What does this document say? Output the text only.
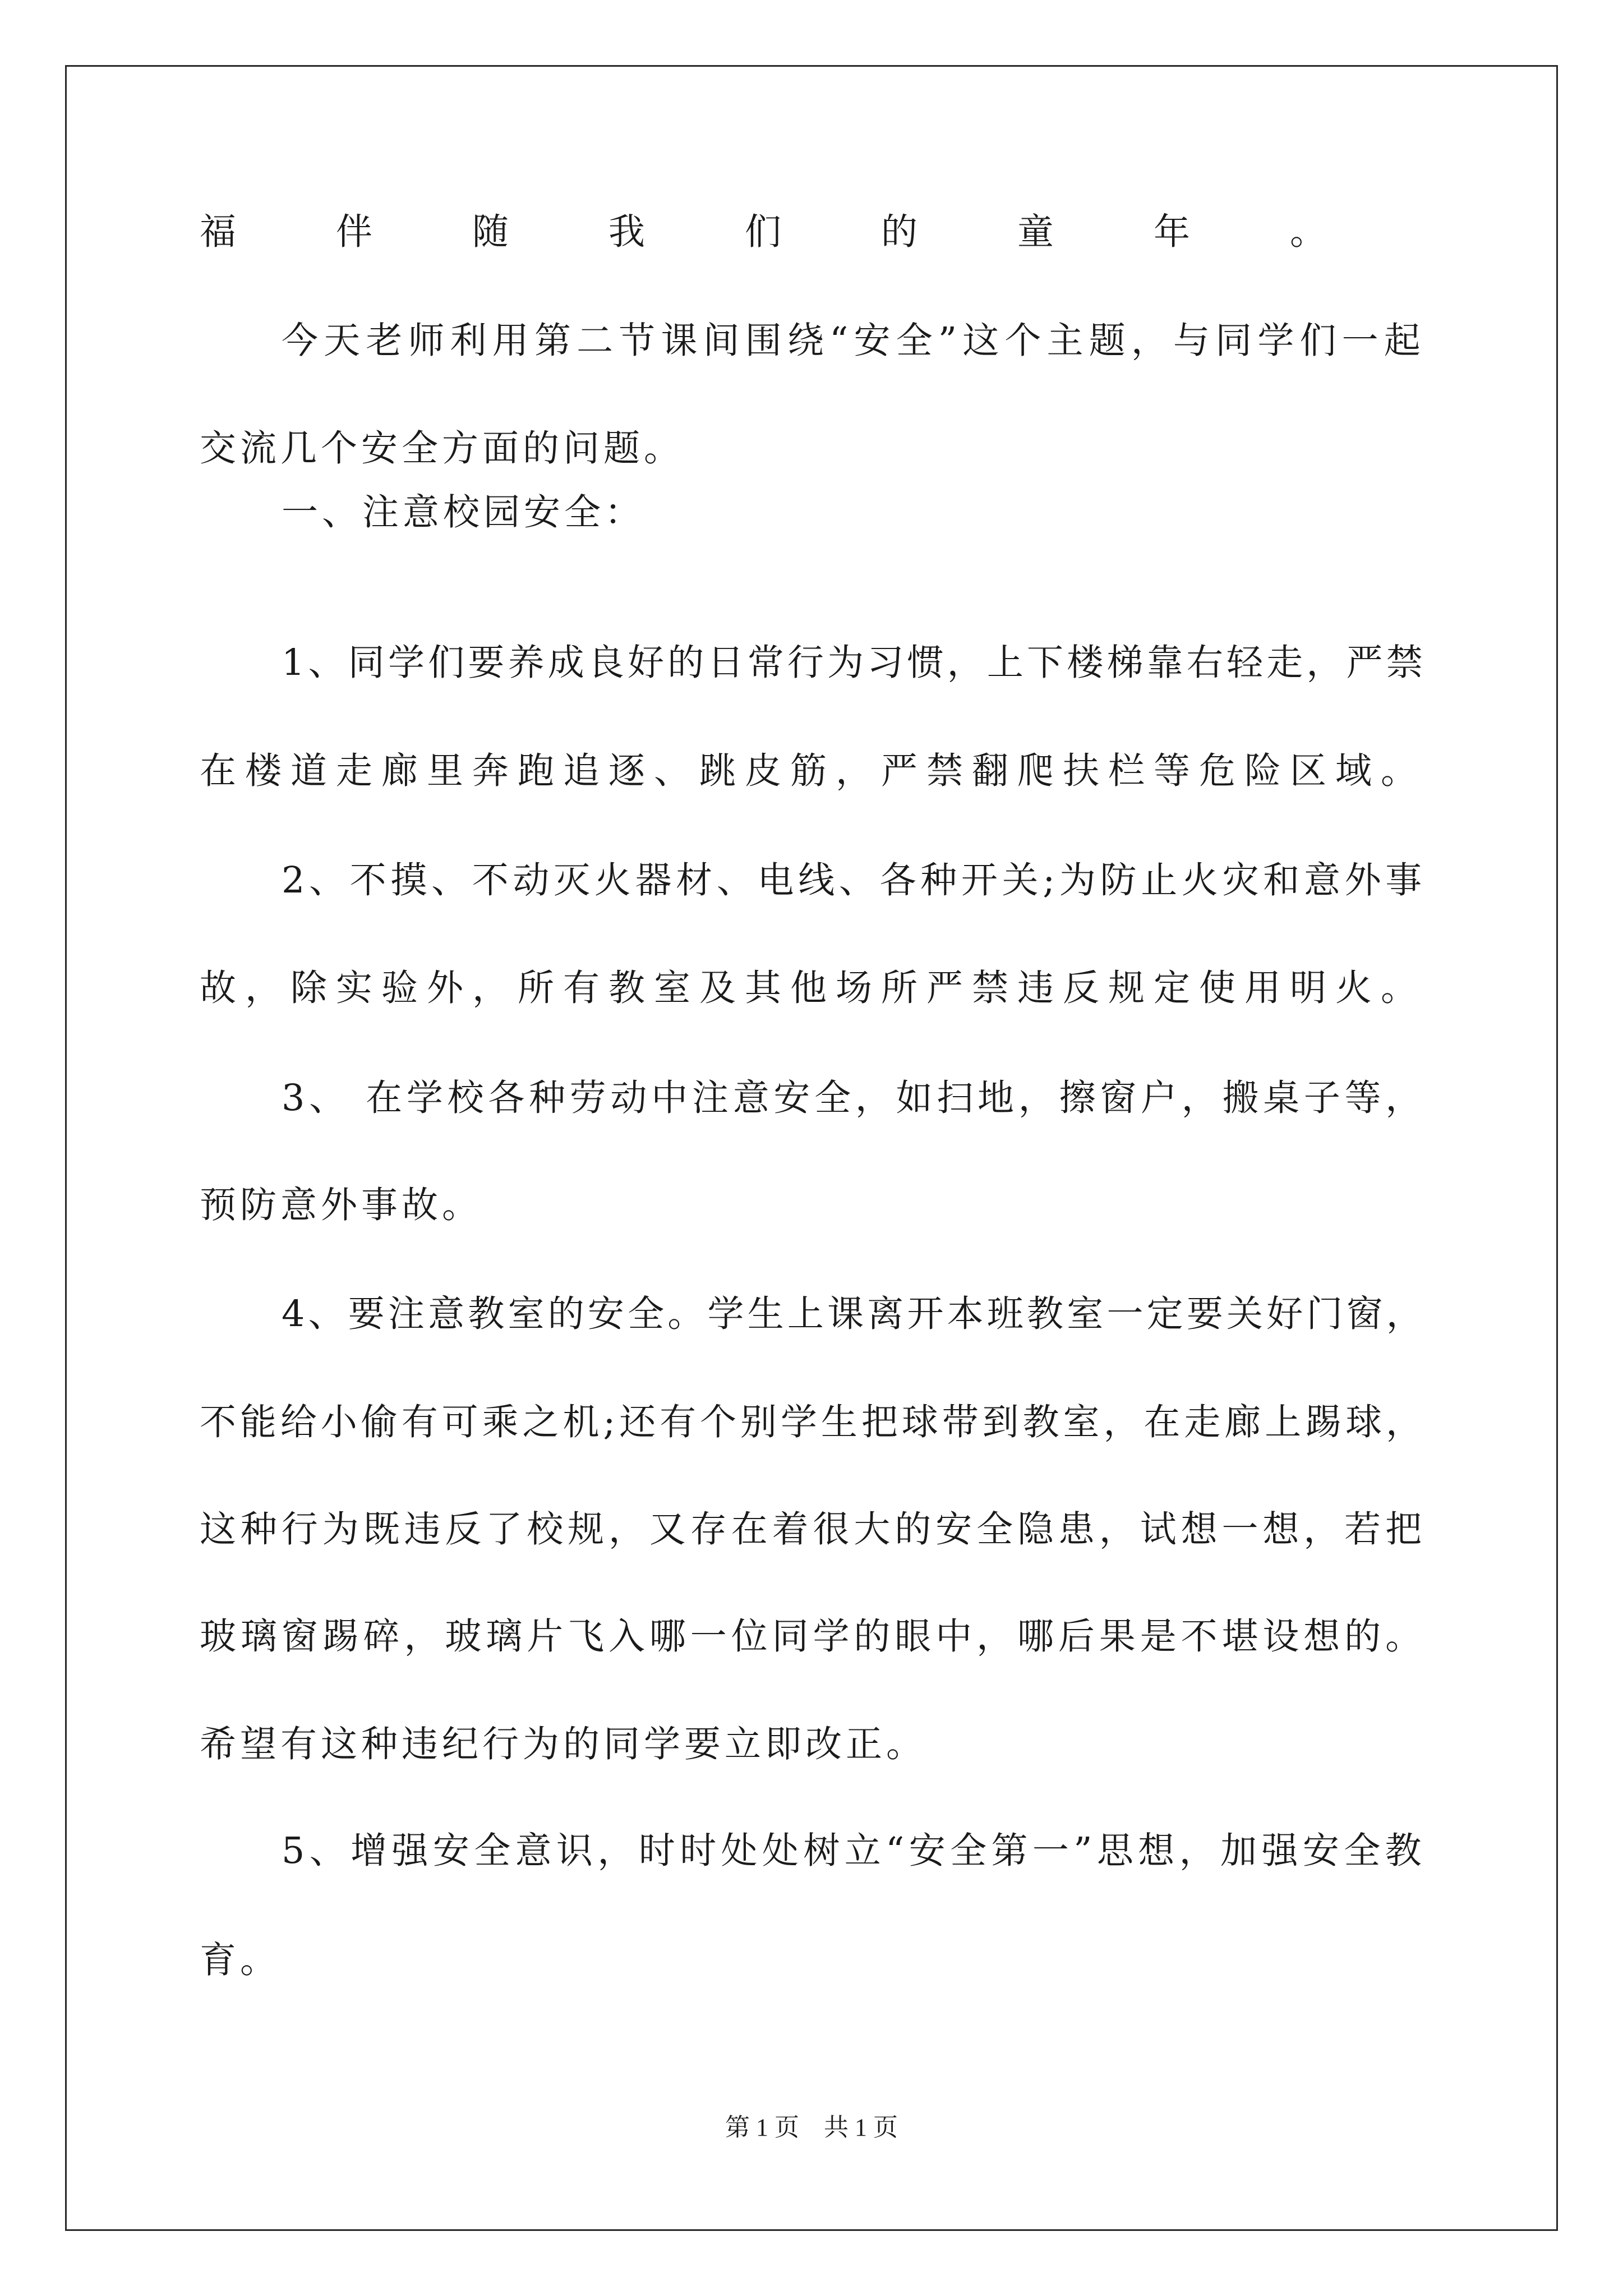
福伴随我们的童年。
今天老师利用第二节课间围绕“安全”这个主题，与同学们一起
交流几个安全方面的问题。
一、注意校园安全：
1、同学们要养成良好的日常行为习惯，上下楼梯靠右轻走，严禁
在楼道走廊里奔跑追逐、跳皮筋，严禁翻爬扶栏等危险区域。
2、不摸、不动灭火器材、电线、各种开关;为防止火灾和意外事
故，除实验外，所有教室及其他场所严禁违反规定使用明火。
3、 在学校各种劳动中注意安全，如扫地，擦窗户，搬桌子等，
预防意外事故。
4、要注意教室的安全。学生上课离开本班教室一定要关好门窗，
不能给小偷有可乘之机;还有个别学生把球带到教室，在走廊上踢球，
这种行为既违反了校规，又存在着很大的安全隐患，试想一想，若把
玻璃窗踢碎，玻璃片飞入哪一位同学的眼中，哪后果是不堪设想的。
希望有这种违纪行为的同学要立即改正。
5、增强安全意识，时时处处树立“安全第一”思想，加强安全教
育。
第 1 页    共 1 页
